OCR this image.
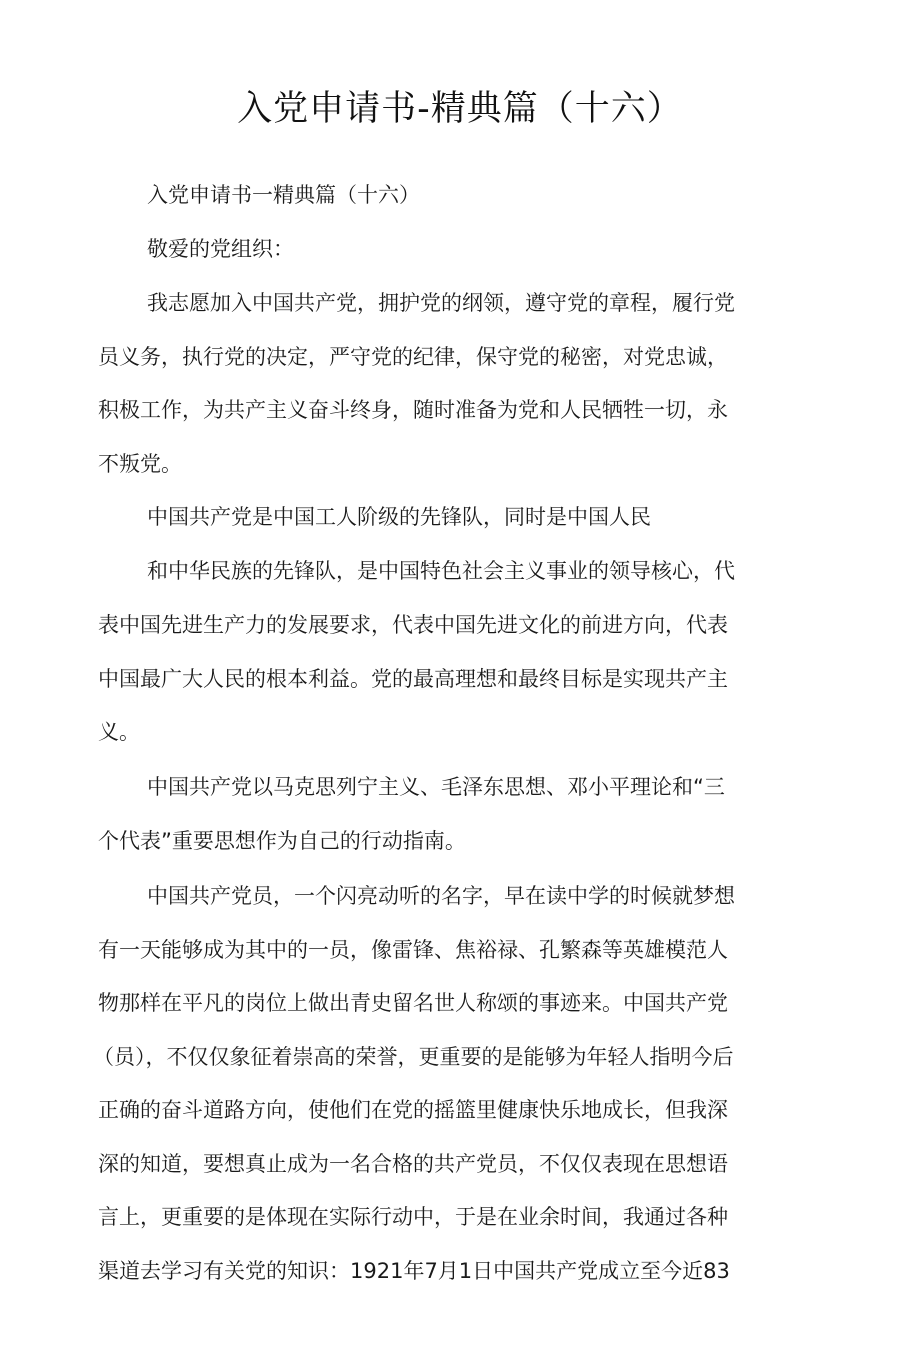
入党申请书-精典篇（十六）
入党申请书一精典篇（十六）
敬爱的党组织：
我志愿加入中国共产党，拥护党的纲领，遵守党的章程，履行党
员义务，执行党的决定，严守党的纪律，保守党的秘密，对党忠诚，
积极工作，为共产主义奋斗终身，随时准备为党和人民牺牲一切，永
不叛党。
中国共产党是中国工人阶级的先锋队，同时是中国人民
和中华民族的先锋队，是中国特色社会主义事业的领导核心，代
表中国先进生产力的发展要求，代表中国先进文化的前进方向，代表
中国最广大人民的根本利益。党的最高理想和最终目标是实现共产主
义。
中国共产党以马克思列宁主义、毛泽东思想、邓小平理论和“三
个代表”重要思想作为自己的行动指南。
中国共产党员，一个闪亮动听的名字，早在读中学的时候就梦想
有一天能够成为其中的一员，像雷锋、焦裕禄、孔繁森等英雄模范人
物那样在平凡的岗位上做出青史留名世人称颂的事迹来。中国共产党
（员），不仅仅象征着崇高的荣誉，更重要的是能够为年轻人指明今后
正确的奋斗道路方向，使他们在党的摇篮里健康快乐地成长，但我深
深的知道，要想真止成为一名合格的共产党员，不仅仅表现在思想语
言上，更重要的是体现在实际行动中，于是在业余时间，我通过各种
渠道去学习有关党的知识：1921年7月1日中国共产党成立至今近83
